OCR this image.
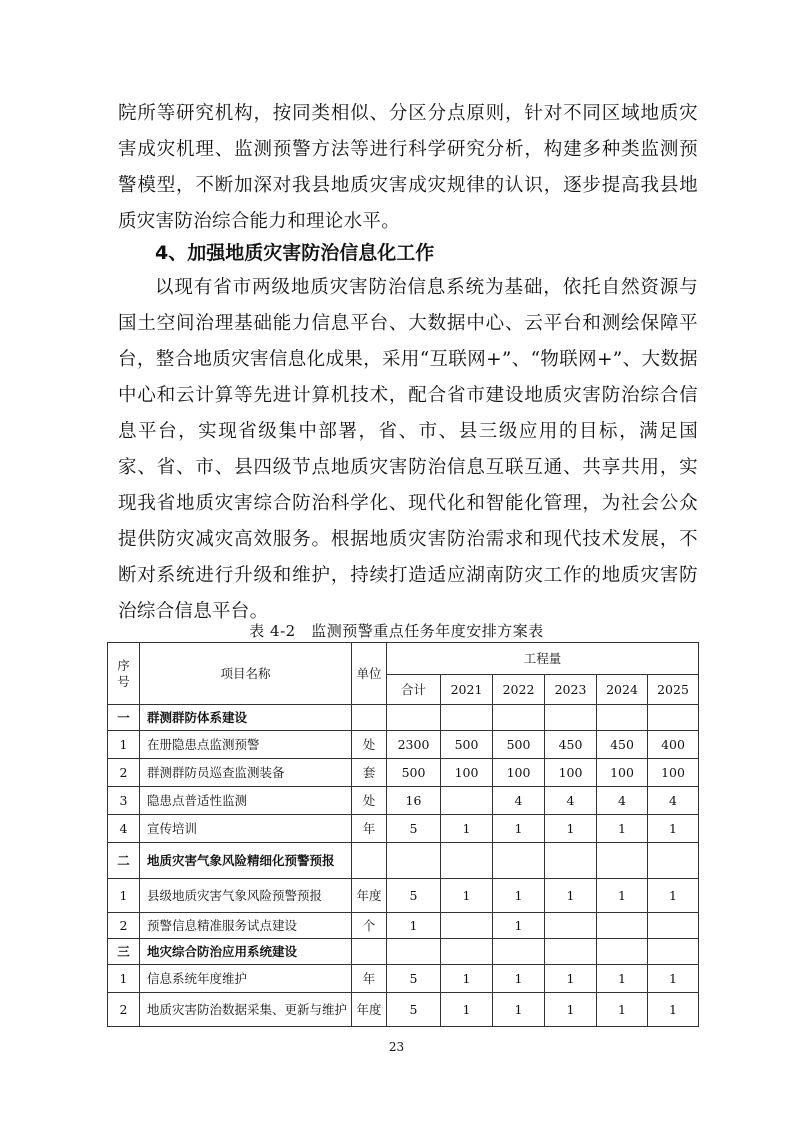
院所等研究机构，按同类相似、分区分点原则，针对不同区域地质灾害成灾机理、监测预警方法等进行科学研究分析，构建多种类监测预警模型，不断加深对我县地质灾害成灾规律的认识，逐步提高我县地质灾害防治综合能力和理论水平。

4、加强地质灾害防治信息化工作

以现有省市两级地质灾害防治信息系统为基础，依托自然资源与国土空间治理基础能力信息平台、大数据中心、云平台和测绘保障平台，整合地质灾害信息化成果，采用“互联网+”、“物联网+”、大数据中心和云计算等先进计算机技术，配合省市建设地质灾害防治综合信息平台，实现省级集中部署，省、市、县三级应用的目标，满足国家、省、市、县四级节点地质灾害防治信息互联互通、共享共用，实现我省地质灾害综合防治科学化、现代化和智能化管理，为社会公众提供防灾减灾高效服务。根据地质灾害防治需求和现代技术发展，不断对系统进行升级和维护，持续打造适应湖南防灾工作的地质灾害防治综合信息平台。

表 4-2　监测预警重点任务年度安排方案表
序号	项目名称	单位	工程量					
			合计	2021	2022	2023	2024	2025
一	群测群防体系建设							
1	在册隐患点监测预警	处	2300	500	500	450	450	400
2	群测群防员巡查监测装备	套	500	100	100	100	100	100
3	隐患点普适性监测	处	16		4	4	4	4
4	宣传培训	年	5	1	1	1	1	1
二	地质灾害气象风险精细化预警预报							
1	县级地质灾害气象风险预警预报	年度	5	1	1	1	1	1
2	预警信息精准服务试点建设	个	1		1			
三	地灾综合防治应用系统建设							
1	信息系统年度维护	年	5	1	1	1	1	1
2	地质灾害防治数据采集、更新与维护	年度	5	1	1	1	1	1
23
